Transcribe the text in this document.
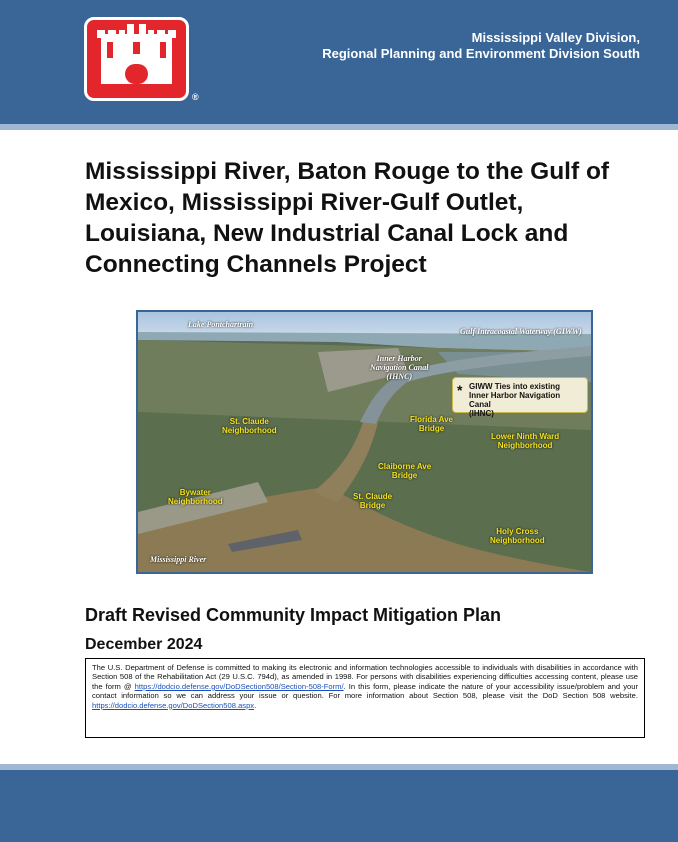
®
Mississippi Valley Division,
Regional Planning and Environment Division South
Mississippi River, Baton Rouge to the Gulf of Mexico, Mississippi River-Gulf Outlet, Louisiana, New Industrial Canal Lock and Connecting Channels Project
Lake Pontchartrain
Gulf Intracoastal Waterway (GIWW)
Inner Harbor
Navigation Canal
(IHNC)
* GIWW Ties into existing
Inner Harbor Navigation Canal
(IHNC)
St. Claude
Neighborhood
Florida Ave
Bridge
Lower Ninth Ward
Neighborhood
Claiborne Ave
Bridge
Bywater
Neighborhood
St. Claude
Bridge
Holy Cross
Neighborhood
Mississippi River
Draft Revised Community Impact Mitigation Plan
December 2024
The U.S. Department of Defense is committed to making its electronic and information technologies accessible to individuals with disabilities in accordance with Section 508 of the Rehabilitation Act (29 U.S.C. 794d), as amended in 1998. For persons with disabilities experiencing difficulties accessing content, please use the form @ https://dodcio.defense.gov/DoDSection508/Section-508-Form/. In this form, please indicate the nature of your accessibility issue/problem and your contact information so we can address your issue or question. For more information about Section 508, please visit the DoD Section 508 website. https://dodcio.defense.gov/DoDSection508.aspx.
